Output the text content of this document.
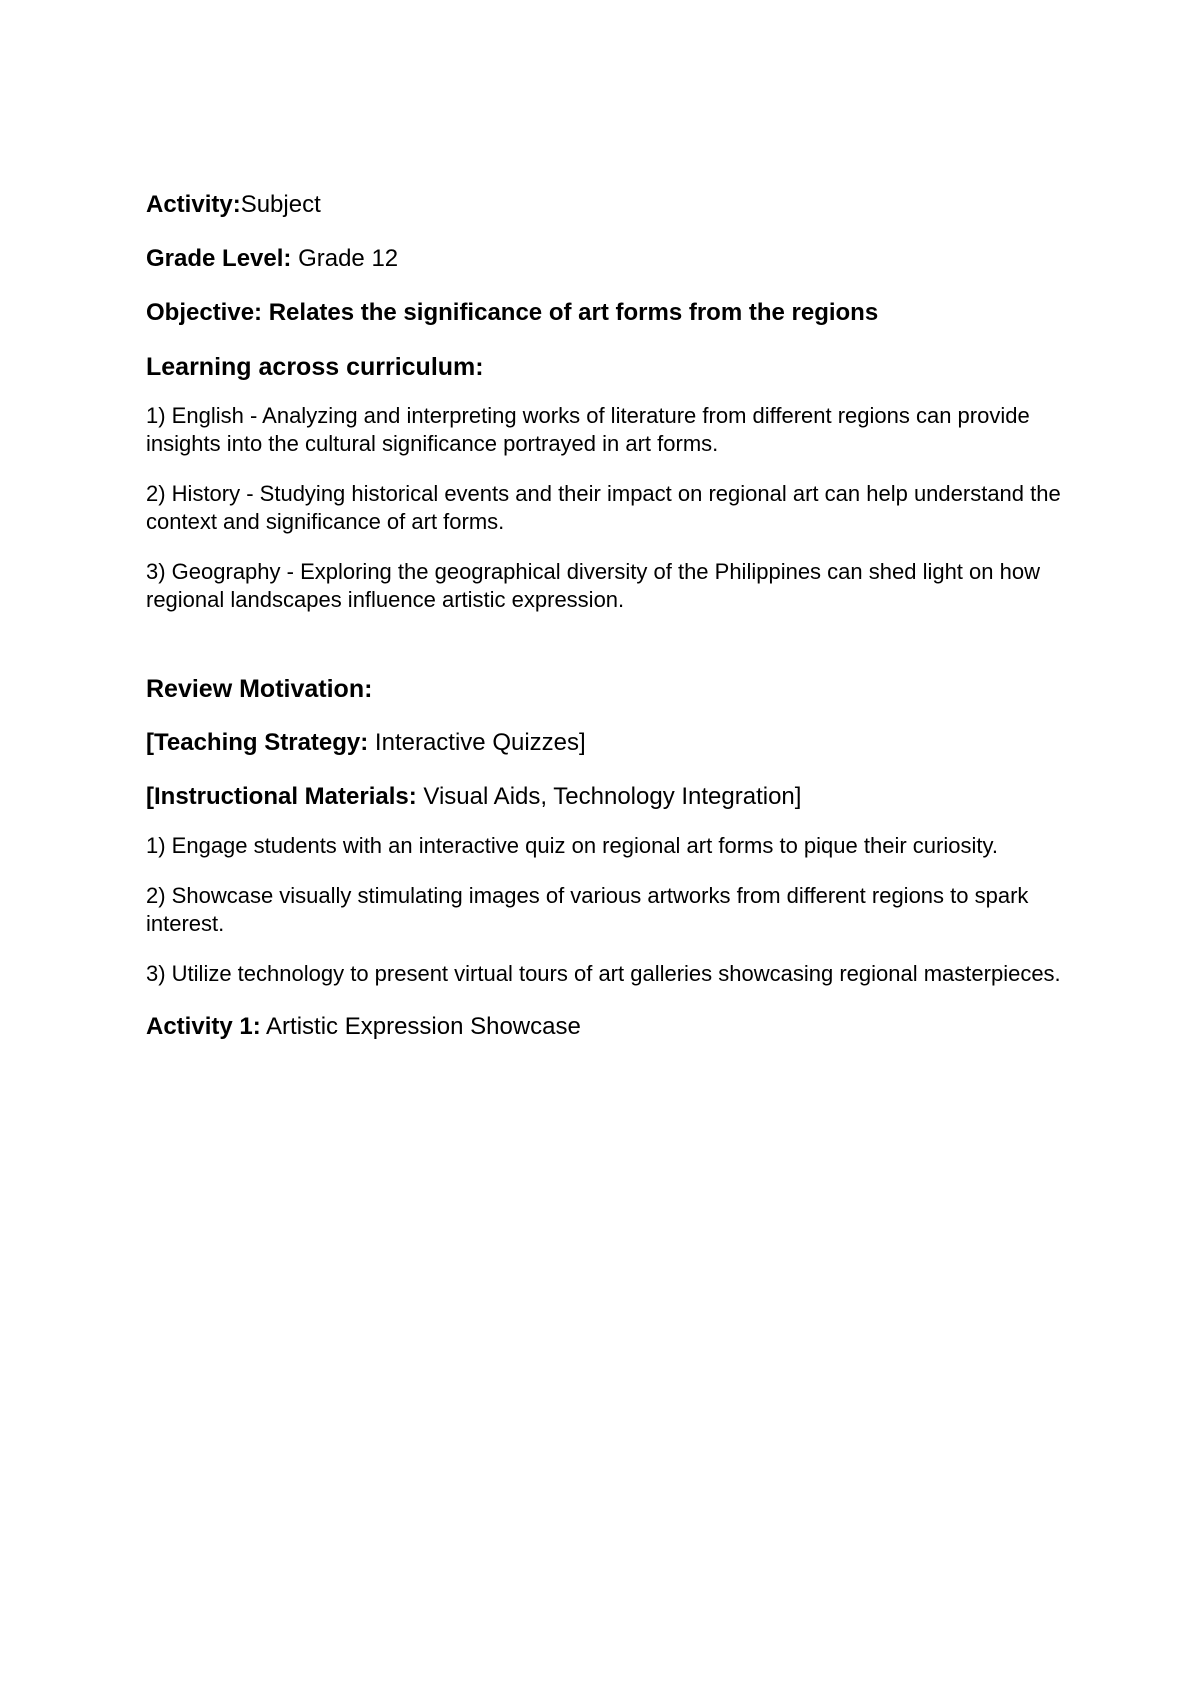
Activity:Subject

Grade Level: Grade 12

Objective: Relates the significance of art forms from the regions

Learning across curriculum:

1) English - Analyzing and interpreting works of literature from different regions can provide insights into the cultural significance portrayed in art forms.

2) History - Studying historical events and their impact on regional art can help understand the context and significance of art forms.

3) Geography - Exploring the geographical diversity of the Philippines can shed light on how regional landscapes influence artistic expression.

Review Motivation:

[Teaching Strategy: Interactive Quizzes]

[Instructional Materials: Visual Aids, Technology Integration]

1) Engage students with an interactive quiz on regional art forms to pique their curiosity.

2) Showcase visually stimulating images of various artworks from different regions to spark interest.

3) Utilize technology to present virtual tours of art galleries showcasing regional masterpieces.

Activity 1: Artistic Expression Showcase
